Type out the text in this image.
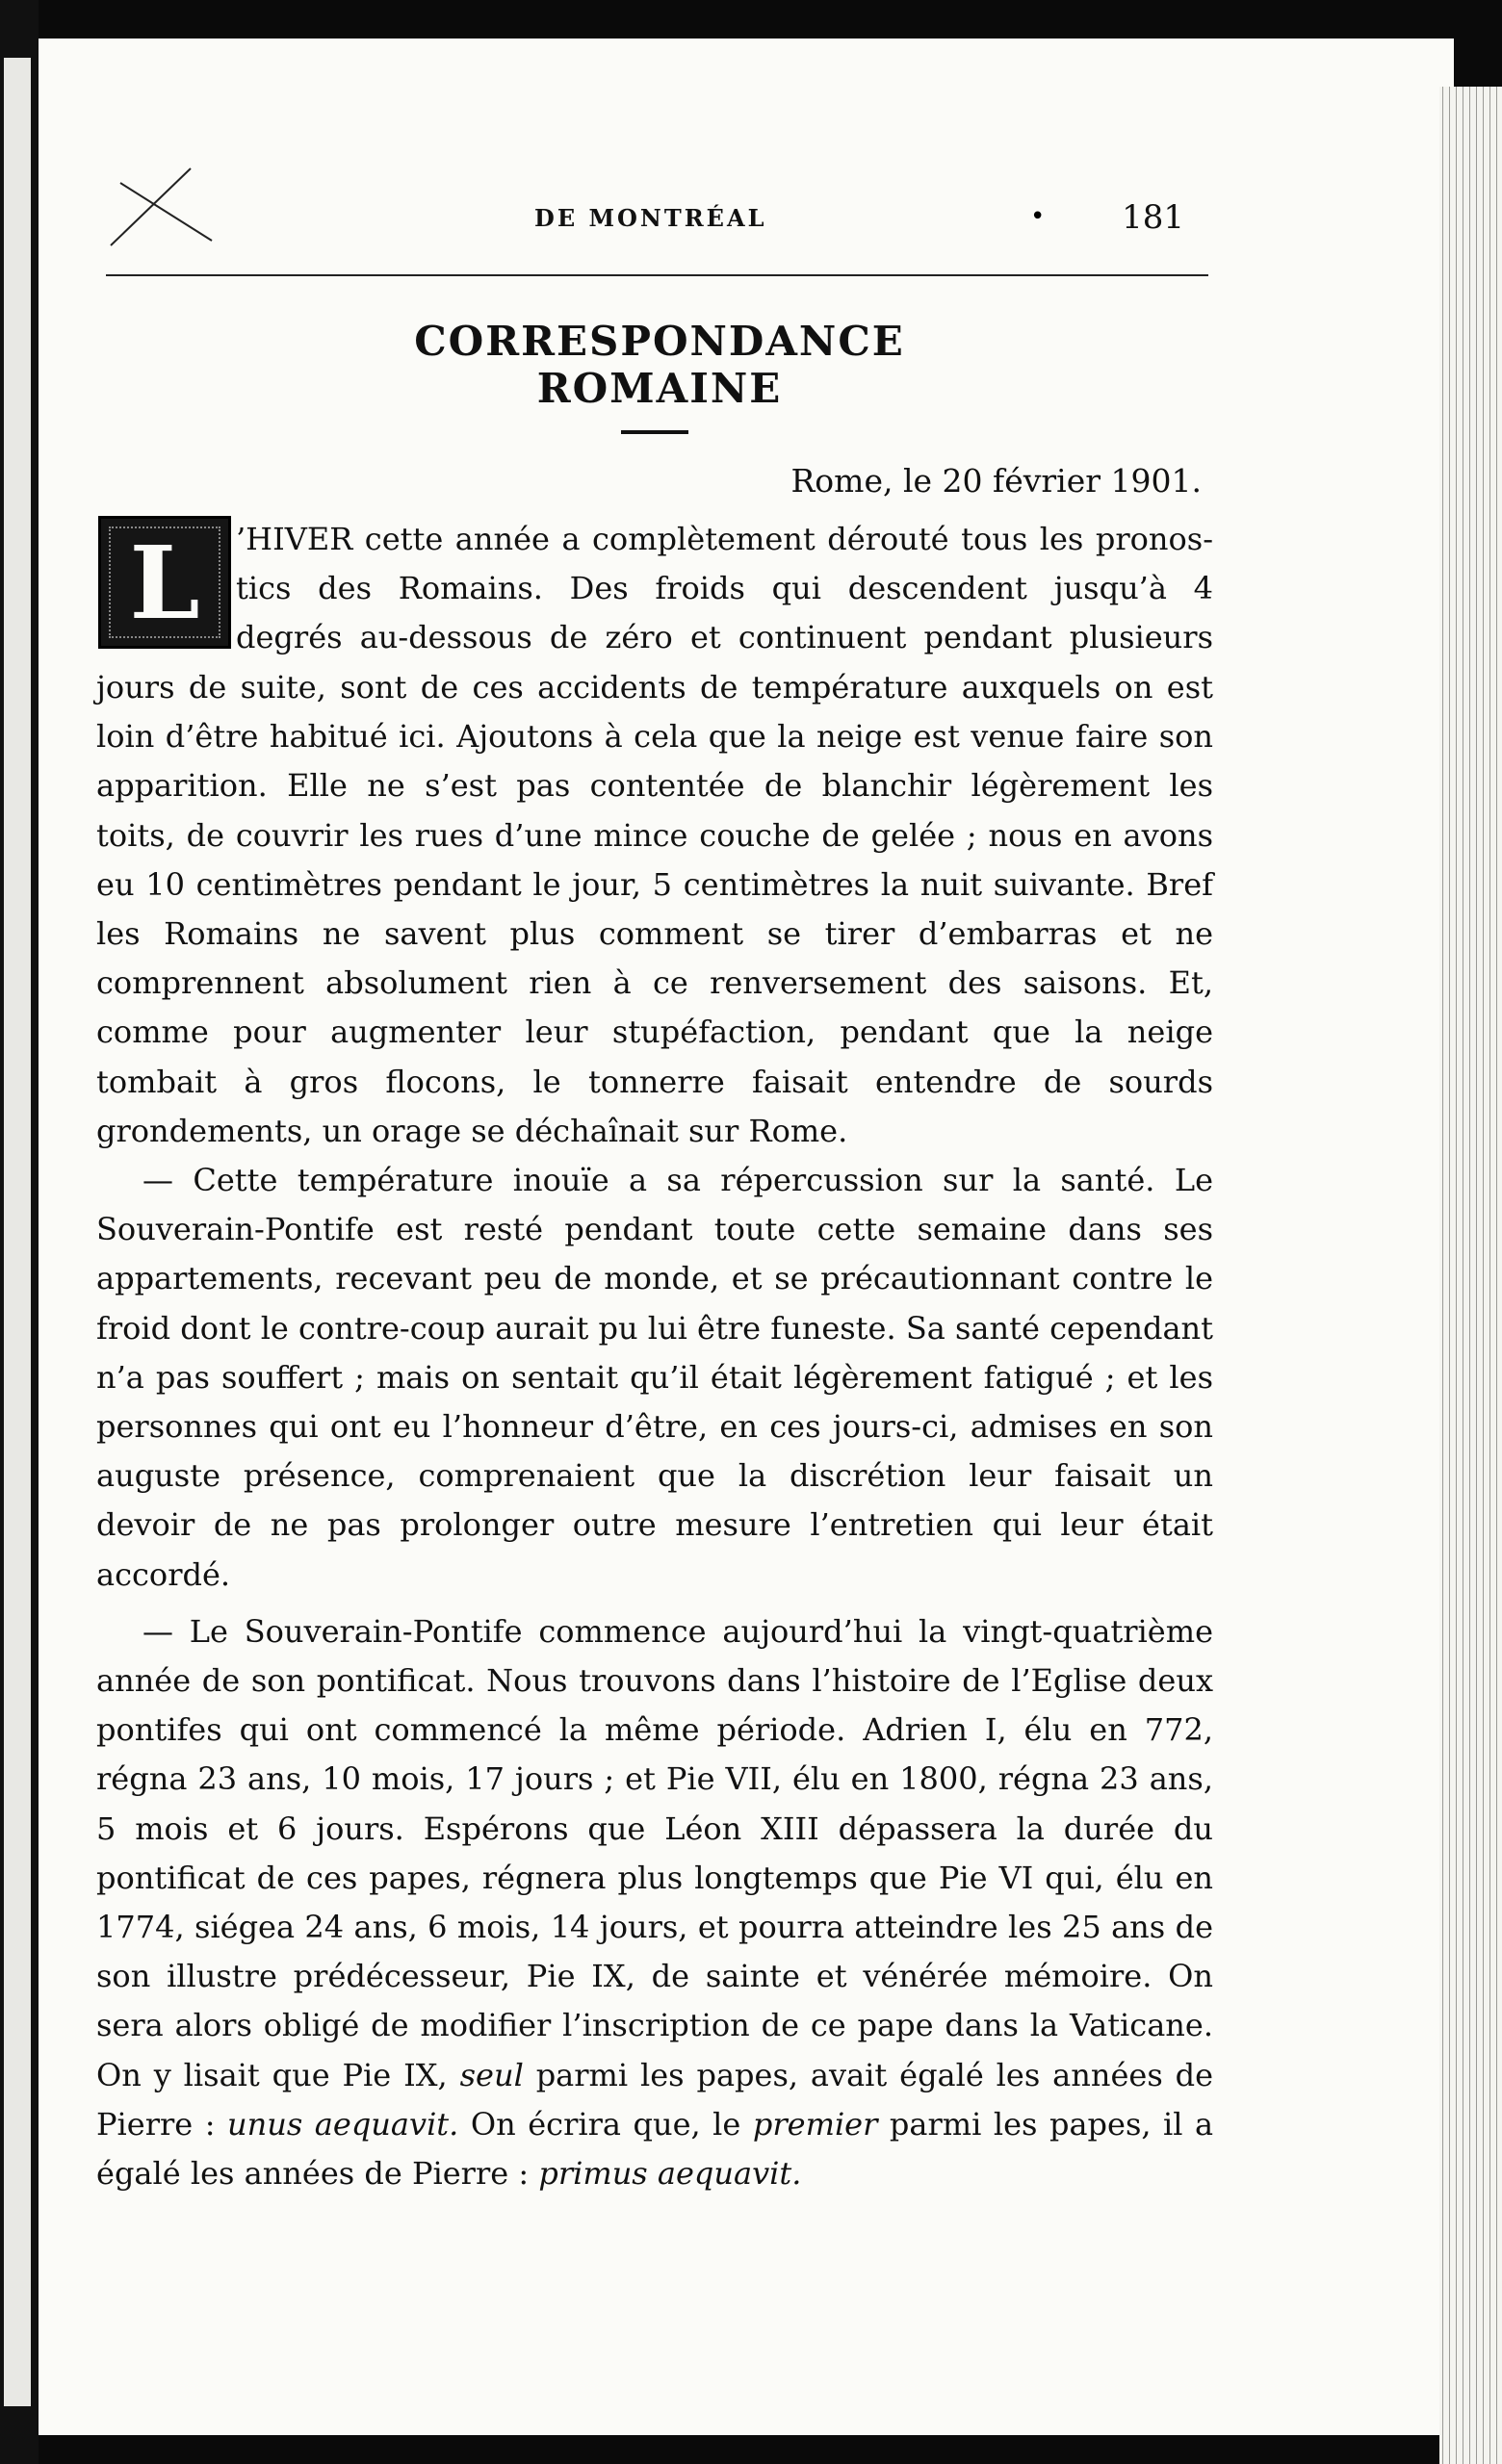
DE MONTRÉAL	• 181
CORRESPONDANCE ROMAINE
Rome, le 20 février 1901.
L	’HIVER cette année a complètement dérouté tous les pronos-
tics des Romains. Des froids qui descendent jusqu’à 4
degrés au-dessous de zéro et continuent pendant plusieurs

jours de suite, sont de ces accidents de température auxquels on est loin d’être habitué ici. Ajoutons à cela que la neige est venue faire son apparition. Elle ne s’est pas contentée de blanchir légèrement les toits, de couvrir les rues d’une mince couche de gelée ; nous en avons eu 10 centimètres pendant le jour, 5 centimètres la nuit suivante. Bref les Romains ne savent plus comment se tirer d’embarras et ne comprennent absolument rien à ce renversement des saisons. Et, comme pour augmenter leur stupéfaction, pendant que la neige tombait à gros flocons, le tonnerre faisait entendre de sourds grondements, un orage se déchaînait sur Rome.

— Cette température inouïe a sa répercussion sur la santé. Le Souverain-Pontife est resté pendant toute cette semaine dans ses appartements, recevant peu de monde, et se précautionnant contre le froid dont le contre-coup aurait pu lui être funeste. Sa santé cependant n’a pas souffert ; mais on sentait qu’il était légèrement fatigué ; et les personnes qui ont eu l’honneur d’être, en ces jours-ci, admises en son auguste présence, comprenaient que la discrétion leur faisait un devoir de ne pas prolonger outre mesure l’entretien qui leur était accordé.

— Le Souverain-Pontife commence aujourd’hui la vingt-quatrième année de son pontificat. Nous trouvons dans l’histoire de l’Eglise deux pontifes qui ont commencé la même période. Adrien I, élu en 772, régna 23 ans, 10 mois, 17 jours ; et Pie VII, élu en 1800, régna 23 ans, 5 mois et 6 jours. Espérons que Léon XIII dépassera la durée du pontificat de ces papes, régnera plus longtemps que Pie VI qui, élu en 1774, siégea 24 ans, 6 mois, 14 jours, et pourra atteindre les 25 ans de son illustre prédécesseur, Pie IX, de sainte et vénérée mémoire. On sera alors obligé de modifier l’inscription de ce pape dans la Vaticane. On y lisait que Pie IX, seul parmi les papes, avait égalé les années de Pierre : unus aequavit. On écrira que, le premier parmi les papes, il a égalé les années de Pierre : primus aequavit.
